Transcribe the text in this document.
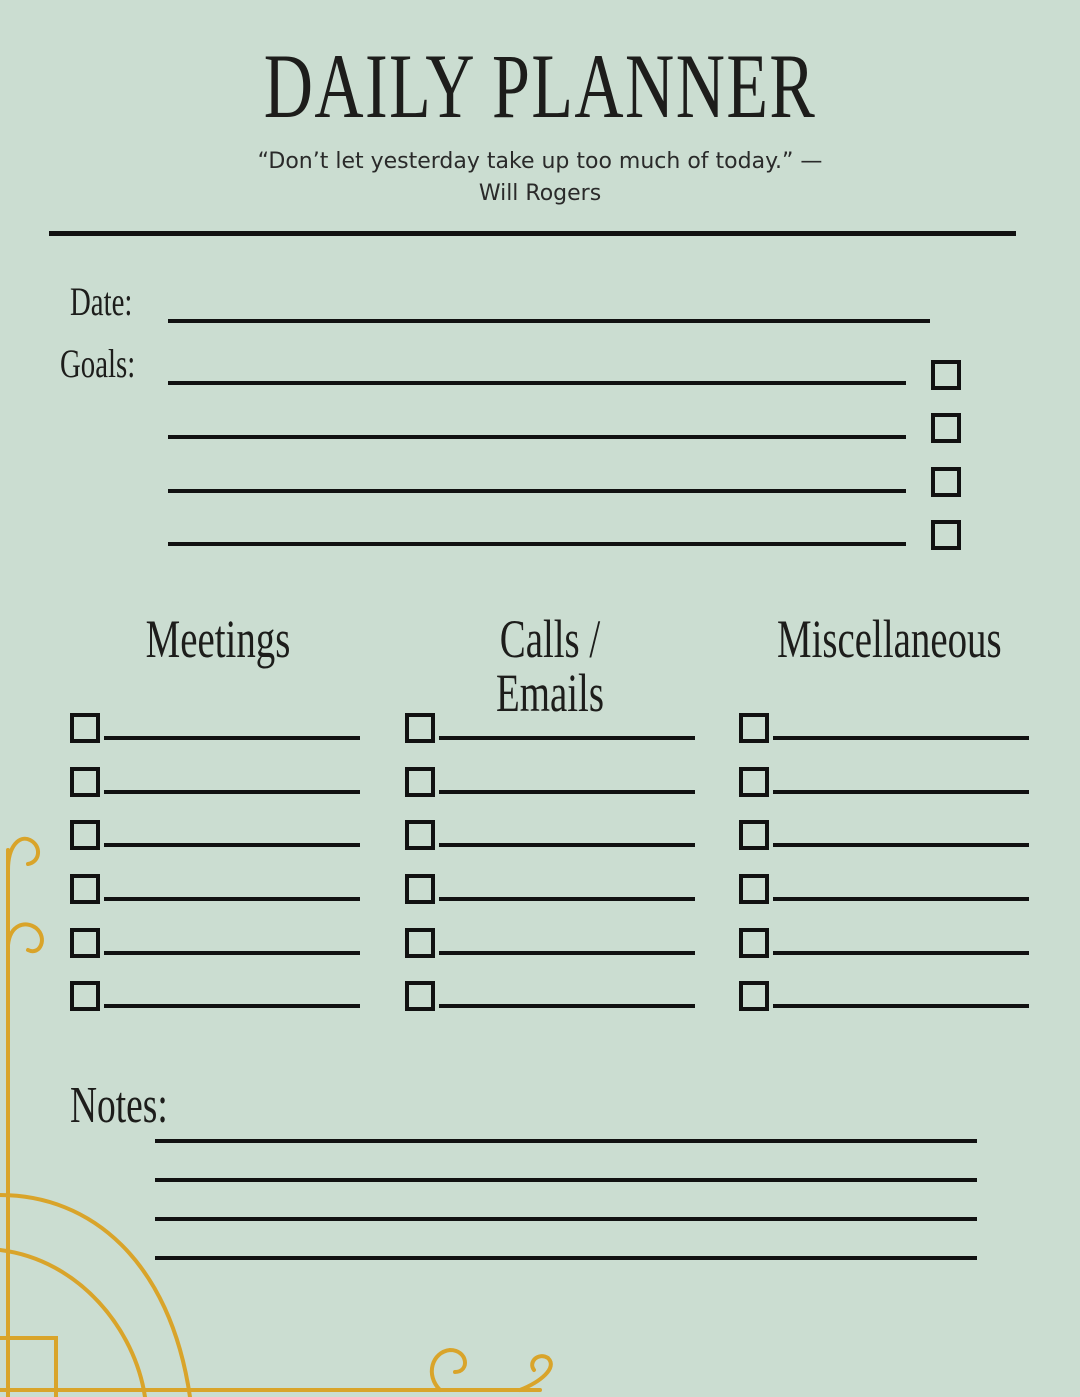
DAILY PLANNER
“Don’t let yesterday take up too much of today.” —
Will Rogers
Date:
Goals:
Meetings	Calls / Emails
Miscellaneous
Notes:
